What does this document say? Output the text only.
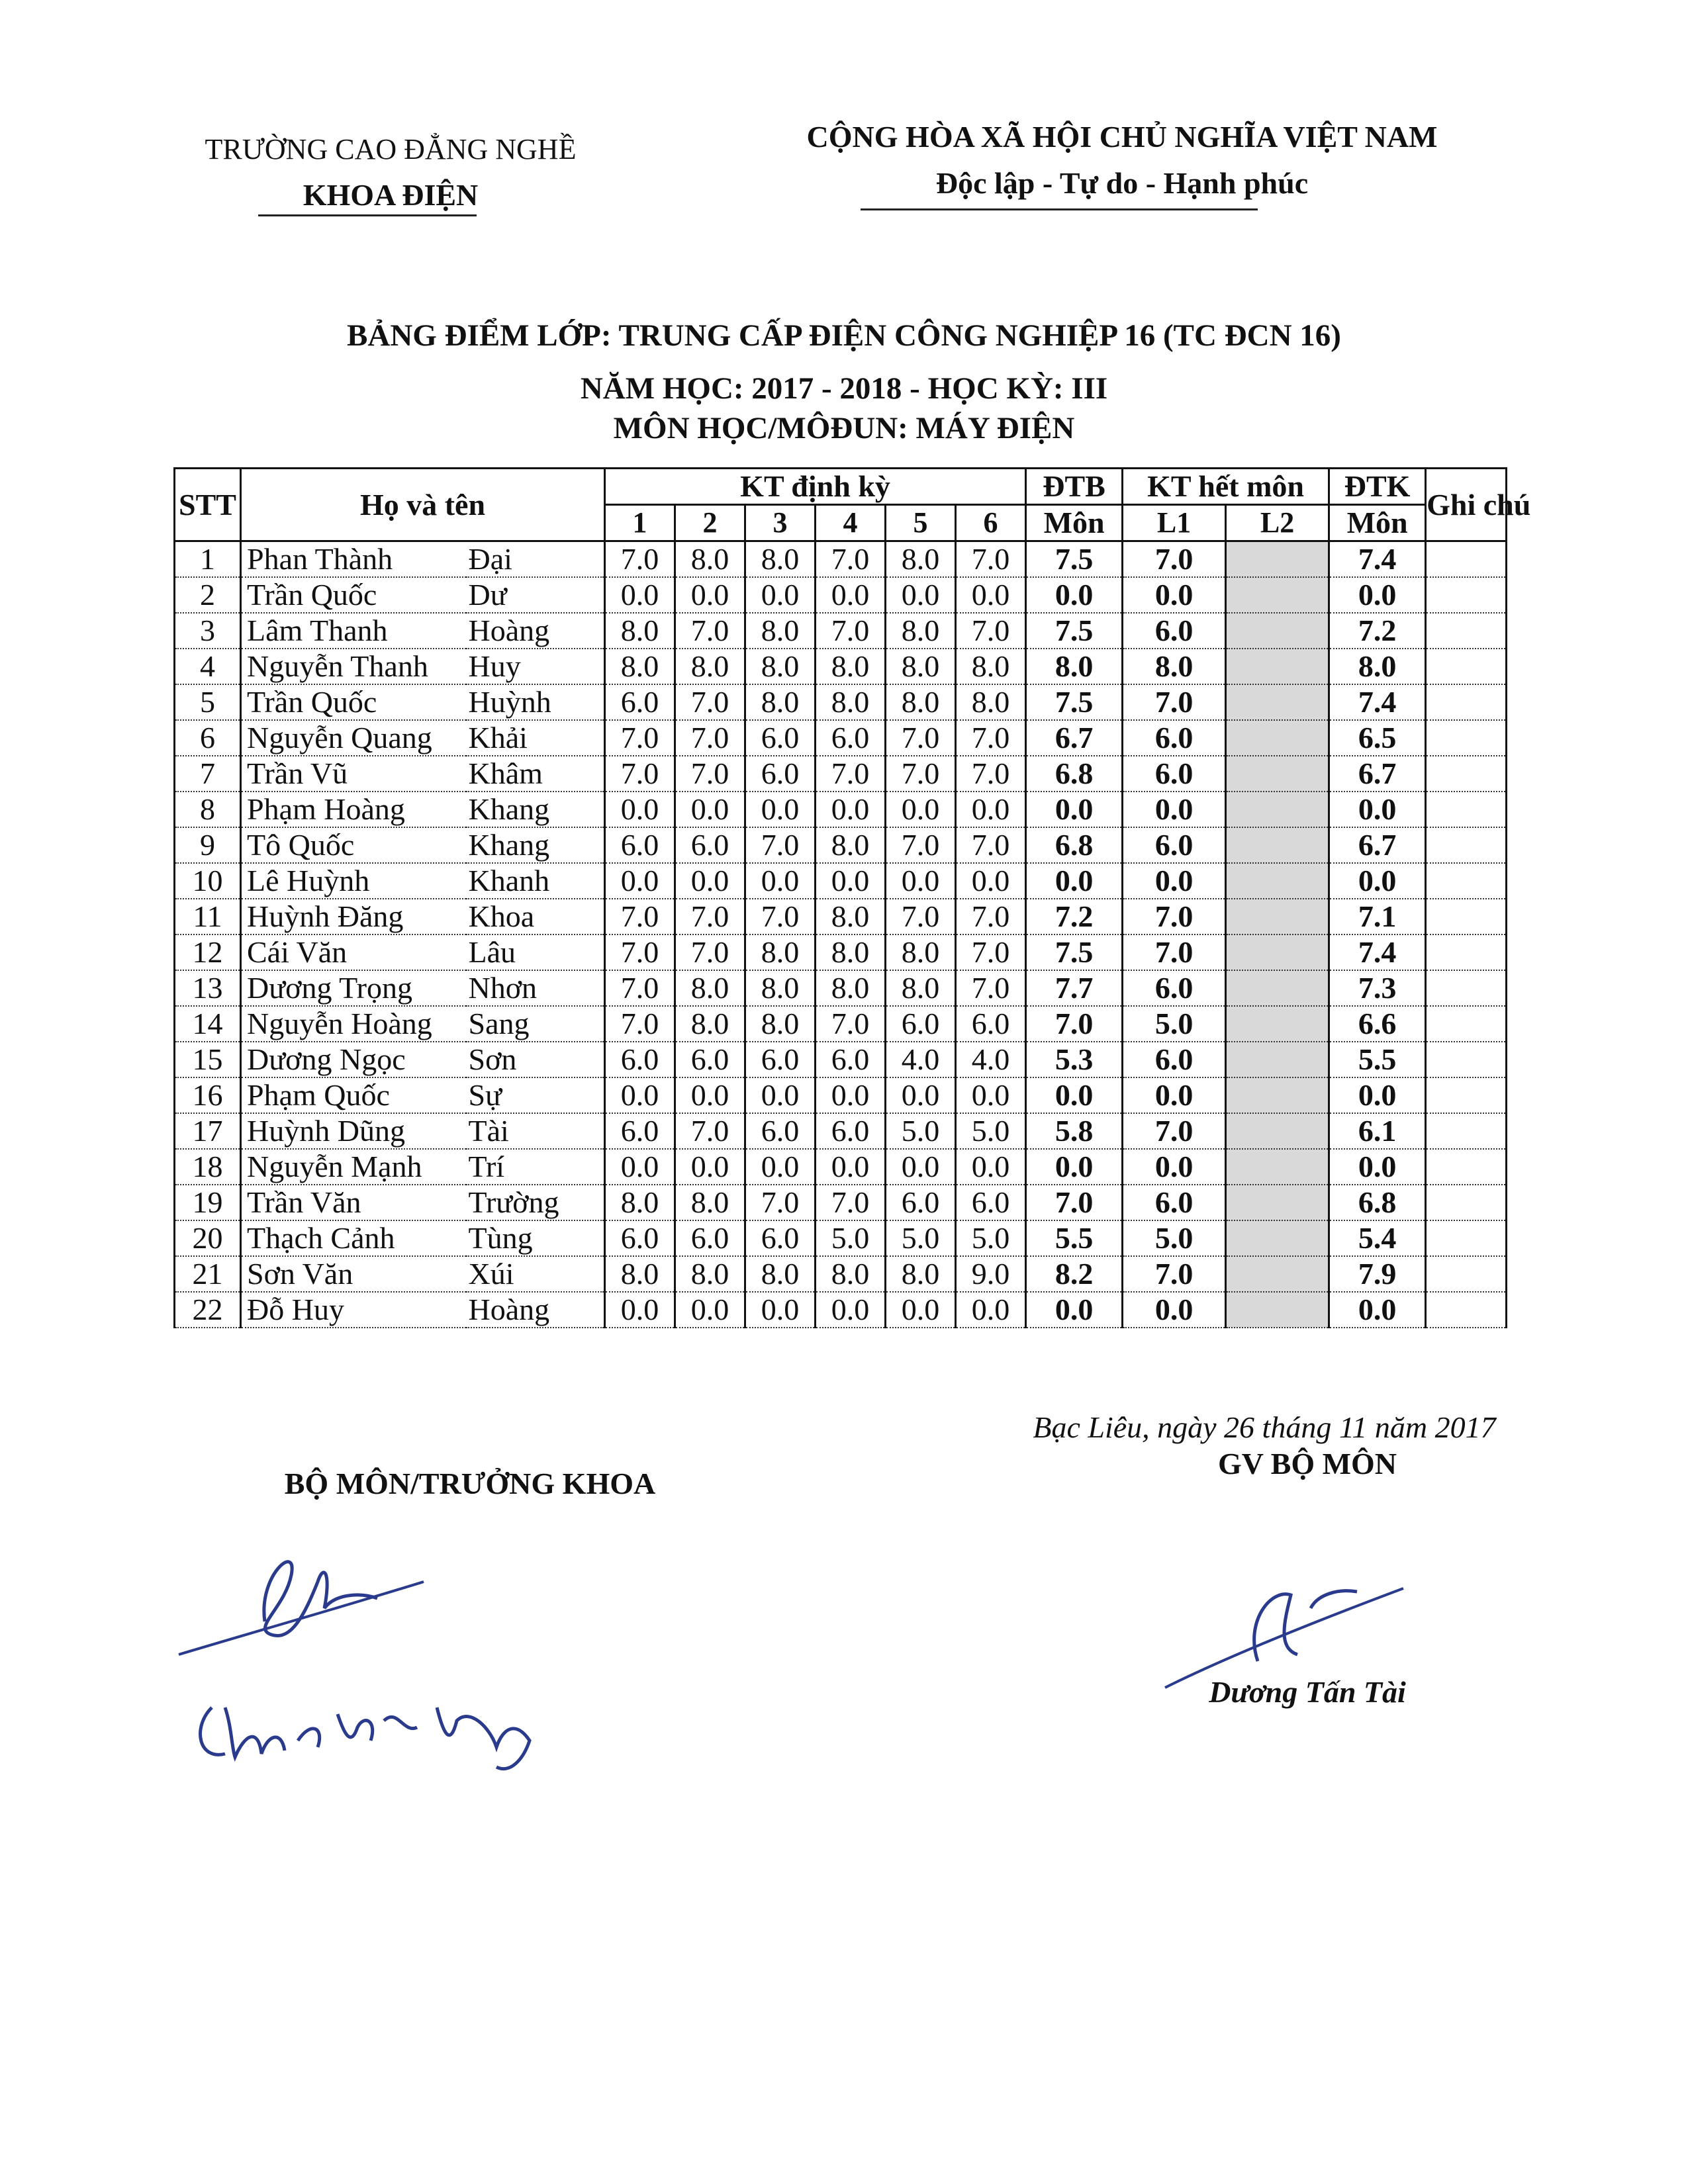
TRƯỜNG CAO ĐẲNG NGHỀ
KHOA ĐIỆN
CỘNG HÒA XÃ HỘI CHỦ NGHĨA VIỆT NAM
Độc lập - Tự do - Hạnh phúc
BẢNG ĐIỂM LỚP: TRUNG CẤP ĐIỆN CÔNG NGHIỆP 16 (TC ĐCN 16)
NĂM HỌC: 2017 - 2018 - HỌC KỲ: III
MÔN HỌC/MÔĐUN: MÁY ĐIỆN
STT	Họ và tên		KT định kỳ						ĐTB	KT hết môn		ĐTK	Ghi chú
			1	2	3	4	5	6	Môn	L1	L2	Môn	
1	Phan Thành	Đại	7.0	8.0	8.0	7.0	8.0	7.0	7.5	7.0		7.4	
2	Trần Quốc	Dư	0.0	0.0	0.0	0.0	0.0	0.0	0.0	0.0		0.0	
3	Lâm Thanh	Hoàng	8.0	7.0	8.0	7.0	8.0	7.0	7.5	6.0		7.2	
4	Nguyễn Thanh	Huy	8.0	8.0	8.0	8.0	8.0	8.0	8.0	8.0		8.0	
5	Trần Quốc	Huỳnh	6.0	7.0	8.0	8.0	8.0	8.0	7.5	7.0		7.4	
6	Nguyễn Quang	Khải	7.0	7.0	6.0	6.0	7.0	7.0	6.7	6.0		6.5	
7	Trần Vũ	Khâm	7.0	7.0	6.0	7.0	7.0	7.0	6.8	6.0		6.7	
8	Phạm Hoàng	Khang	0.0	0.0	0.0	0.0	0.0	0.0	0.0	0.0		0.0	
9	Tô Quốc	Khang	6.0	6.0	7.0	8.0	7.0	7.0	6.8	6.0		6.7	
10	Lê Huỳnh	Khanh	0.0	0.0	0.0	0.0	0.0	0.0	0.0	0.0		0.0	
11	Huỳnh Đăng	Khoa	7.0	7.0	7.0	8.0	7.0	7.0	7.2	7.0		7.1	
12	Cái Văn	Lâu	7.0	7.0	8.0	8.0	8.0	7.0	7.5	7.0		7.4	
13	Dương Trọng	Nhơn	7.0	8.0	8.0	8.0	8.0	7.0	7.7	6.0		7.3	
14	Nguyễn Hoàng	Sang	7.0	8.0	8.0	7.0	6.0	6.0	7.0	5.0		6.6	
15	Dương Ngọc	Sơn	6.0	6.0	6.0	6.0	4.0	4.0	5.3	6.0		5.5	
16	Phạm Quốc	Sự	0.0	0.0	0.0	0.0	0.0	0.0	0.0	0.0		0.0	
17	Huỳnh Dũng	Tài	6.0	7.0	6.0	6.0	5.0	5.0	5.8	7.0		6.1	
18	Nguyễn Mạnh	Trí	0.0	0.0	0.0	0.0	0.0	0.0	0.0	0.0		0.0	
19	Trần Văn	Trường	8.0	8.0	7.0	7.0	6.0	6.0	7.0	6.0		6.8	
20	Thạch Cảnh	Tùng	6.0	6.0	6.0	5.0	5.0	5.0	5.5	5.0		5.4	
21	Sơn Văn	Xúi	8.0	8.0	8.0	8.0	8.0	9.0	8.2	7.0		7.9	
22	Đỗ Huy	Hoàng	0.0	0.0	0.0	0.0	0.0	0.0	0.0	0.0		0.0	
Bạc Liêu, ngày 26 tháng 11 năm 2017
BỘ MÔN/TRƯỞNG KHOA
GV BỘ MÔN
Dương Tấn Tài
